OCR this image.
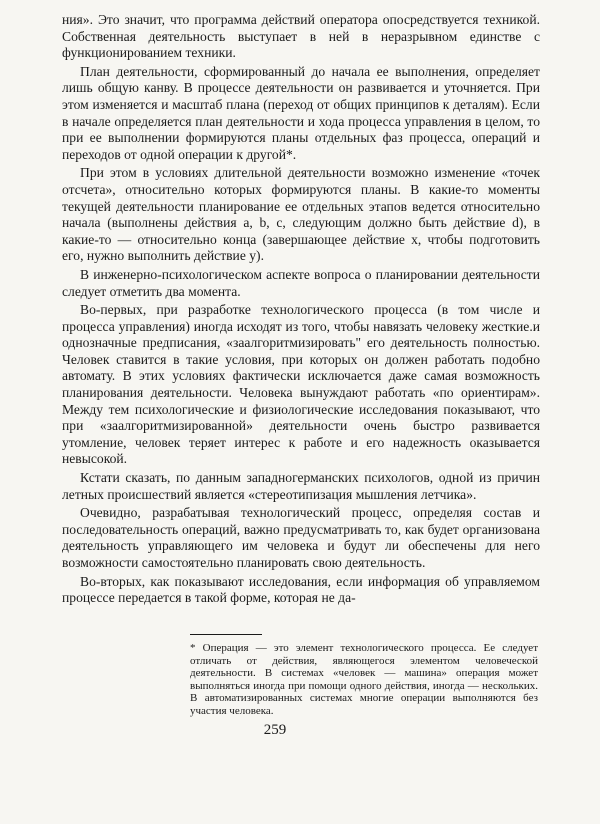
ния». Это значит, что программа действий оператора опосредствуется техникой. Собственная деятельность выступает в ней в неразрывном единстве с функционированием техники.

План деятельности, сформированный до начала ее выполнения, определяет лишь общую канву. В процессе деятельности он развивается и уточняется. При этом изменяется и масштаб плана (переход от общих принципов к деталям). Если в начале определяется план деятельности и хода процесса управления в целом, то при ее выполнении формируются планы отдельных фаз процесса, операций и переходов от одной операции к другой*.

При этом в условиях длительной деятельности возможно изменение «точек отсчета», относительно которых формируются планы. В какие-то моменты текущей деятельности планирование ее отдельных этапов ведется относительно начала (выполнены действия a, b, c, следующим должно быть действие d), в какие-то — относительно конца (завершающее действие x, чтобы подготовить его, нужно выполнить действие y).

В инженерно-психологическом аспекте вопроса о планировании деятельности следует отметить два момента.

Во-первых, при разработке технологического процесса (в том числе и процесса управления) иногда исходят из того, чтобы навязать человеку жесткие.и однозначные предписания, «заалгоритмизировать" его деятельность полностью. Человек ставится в такие условия, при которых он должен работать подобно автомату. В этих условиях фактически исключается даже самая возможность планирования деятельности. Человека вынуждают работать «по ориентирам». Между тем психологические и физиологические исследования показывают, что при «заалгоритмизированной» деятельности очень быстро развивается утомление, человек теряет интерес к работе и его надежность оказывается невысокой.

Кстати сказать, по данным западногерманских психологов, одной из причин летных происшествий является «стереотипизация мышления летчика».

Очевидно, разрабатывая технологический процесс, определяя состав и последовательность операций, важно предусматривать то, как будет организована деятельность управляющего им человека и будут ли обеспечены для него возможности самостоятельно планировать свою деятельность.

Во-вторых, как показывают исследования, если информация об управляемом процессе передается в такой форме, которая не да-

* Операция — это элемент технологического процесса. Ее следует отличать от действия, являющегося элементом человеческой деятельности. В системах «человек — машина» операция может выполняться иногда при помощи одного действия, иногда — нескольких. В автоматизированных системах многие операции выполняются без участия человека.

259
